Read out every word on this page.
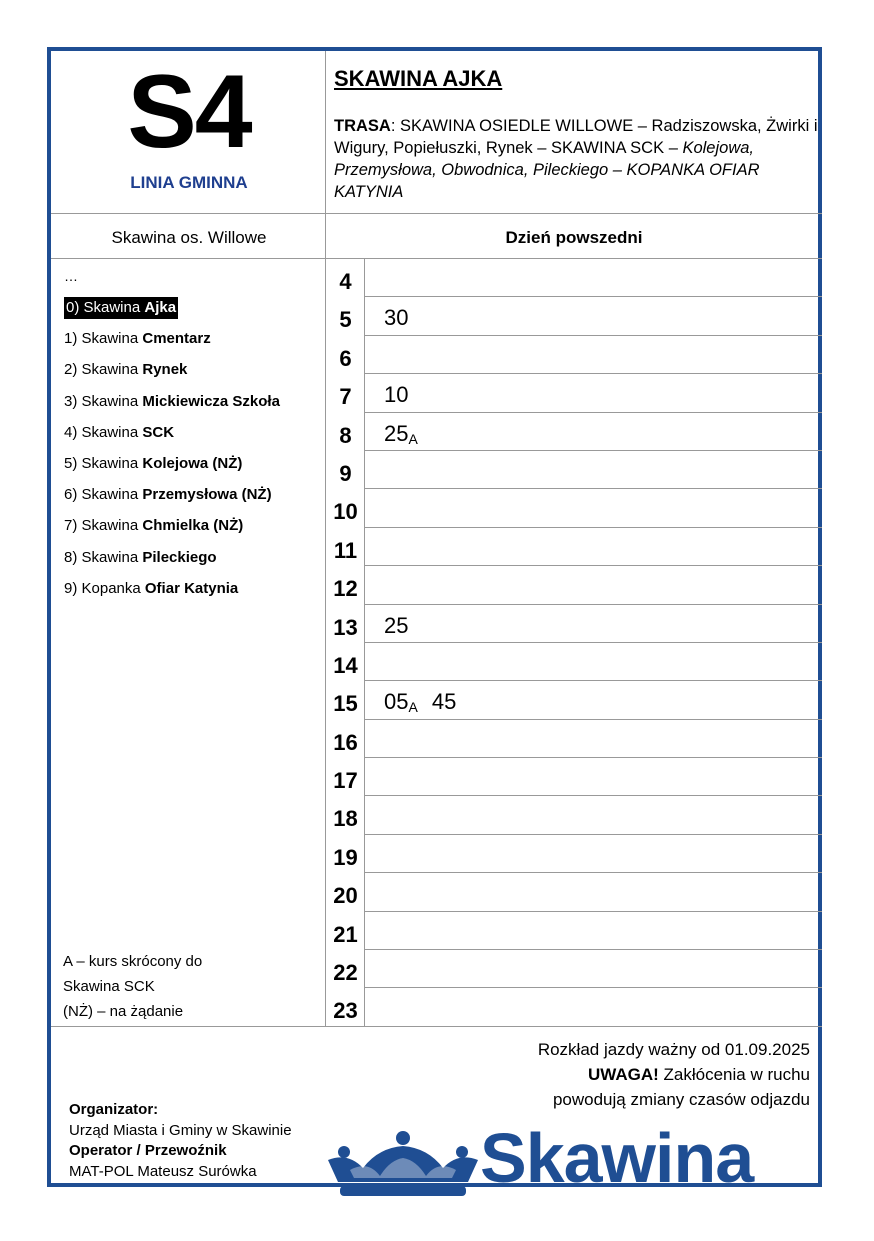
S4
LINIA GMINNA
SKAWINA AJKA
TRASA: SKAWINA OSIEDLE WILLOWE – Radziszowska, Żwirki i Wigury, Popiełuszki, Rynek – SKAWINA SCK – Kolejowa, Przemysłowa, Obwodnica, Pileckiego – KOPANKA OFIAR KATYNIA
Skawina os. Willowe	Dzień powszedni
…
0) Skawina Ajka
1) Skawina Cmentarz
2) Skawina Rynek
3) Skawina Mickiewicza Szkoła
4) Skawina SCK
5) Skawina Kolejowa (NŻ)
6) Skawina Przemysłowa (NŻ)
7) Skawina Chmielka (NŻ)
8) Skawina Pileckiego
9) Kopanka Ofiar Katynia
A – kurs skrócony do
Skawina SCK
(NŻ) – na żądanie
4
5	30
6
7	10
8	$25_A$
9
10
11
12
13	25
14
15	$05_A$ 45
16
17
18
19
20
21
22
23
Rozkład jazdy ważny od 01.09.2025
UWAGA! Zakłócenia w ruchu
powodują zmiany czasów odjazdu
Organizator:
Urząd Miasta i Gminy w Skawinie
Operator / Przewoźnik
MAT-POL Mateusz Surówka	Skawina
